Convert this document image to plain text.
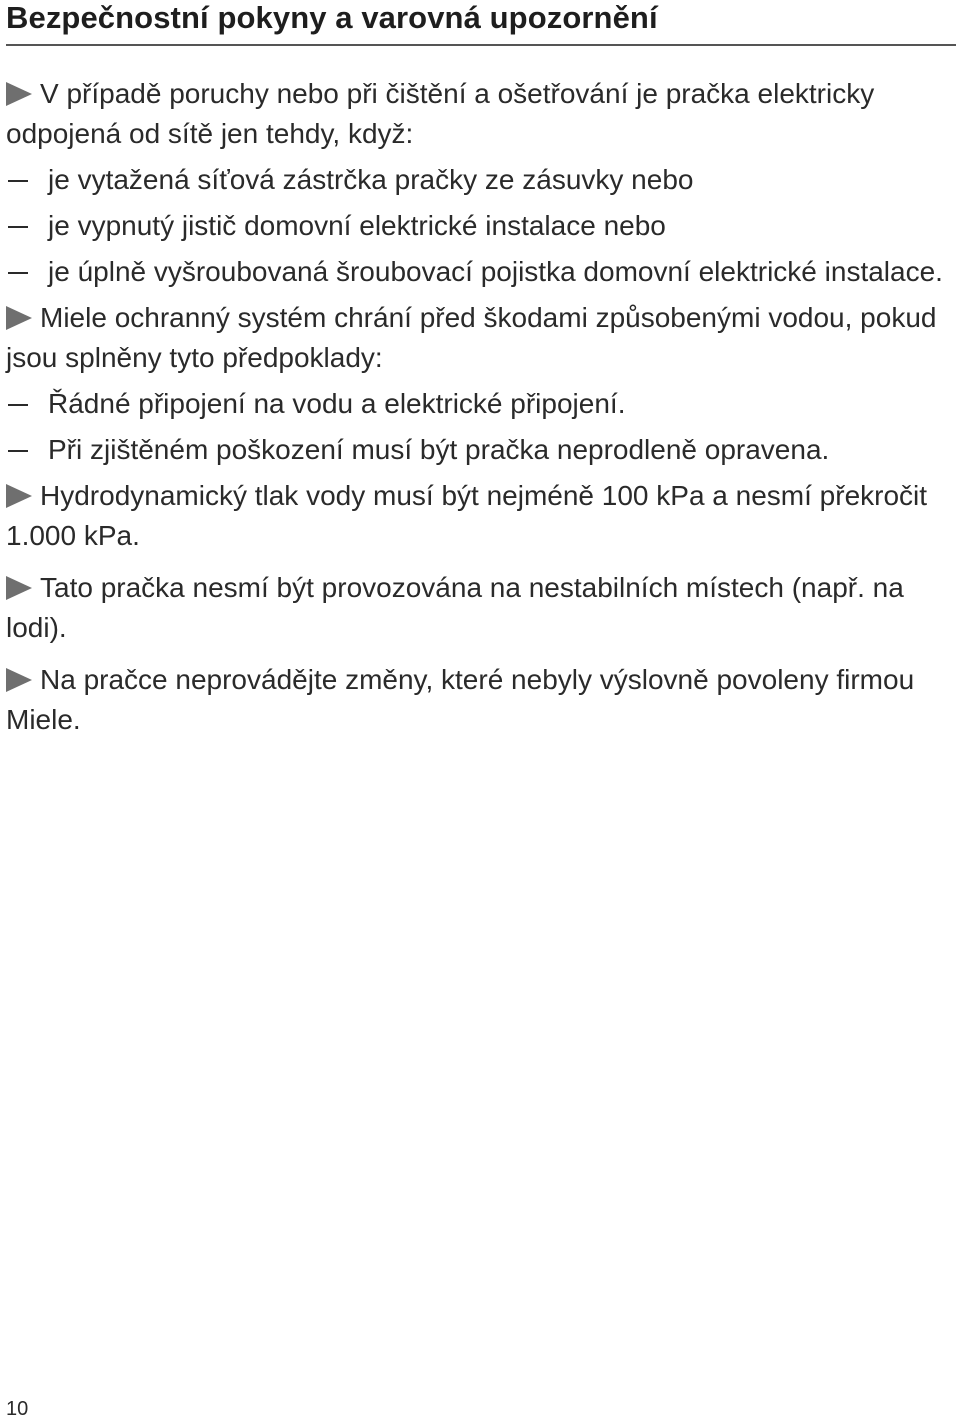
Bezpečnostní pokyny a varovná upozornění

V případě poruchy nebo při čištění a ošetřování je pračka elektricky odpojená od sítě jen tehdy, když:

je vytažená síťová zástrčka pračky ze zásuvky nebo
je vypnutý jistič domovní elektrické instalace nebo
je úplně vyšroubovaná šroubovací pojistka domovní elektrické instalace.

Miele ochranný systém chrání před škodami způsobenými vodou, pokud jsou splněny tyto předpoklady:

Řádné připojení na vodu a elektrické připojení.
Při zjištěném poškození musí být pračka neprodleně opravena.

Hydrodynamický tlak vody musí být nejméně 100 kPa a nesmí překročit 1.000 kPa.

Tato pračka nesmí být provozována na nestabilních místech (např. na lodi).

Na pračce neprovádějte změny, které nebyly výslovně povoleny firmou Miele.

10
